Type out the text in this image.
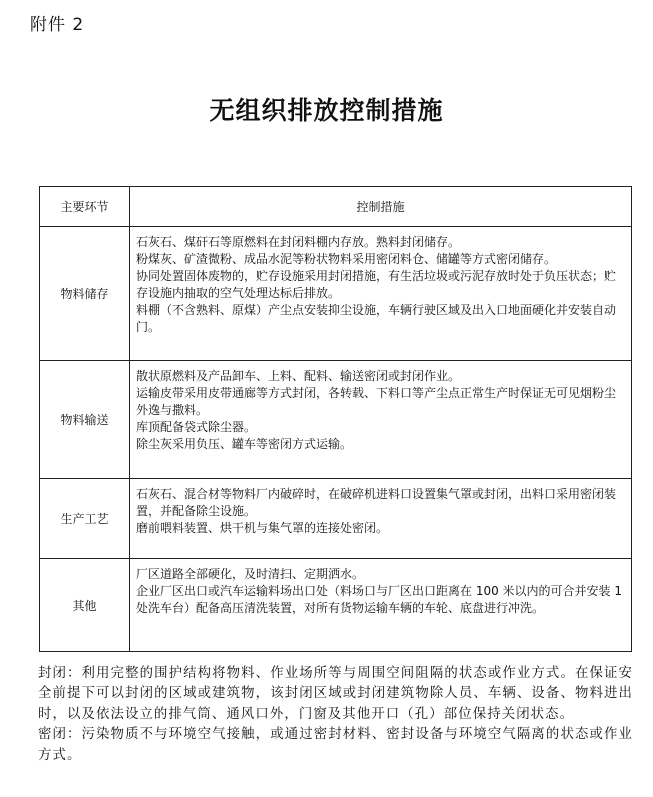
附件 2
无组织排放控制措施
主要环节	控制措施
物料储存	石灰石、煤矸石等原燃料在封闭料棚内存放。熟料封闭储存。
粉煤灰、矿渣微粉、成品水泥等粉状物料采用密闭料仓、储罐等方式密闭储存。
协同处置固体废物的，贮存设施采用封闭措施，有生活垃圾或污泥存放时处于负压状态；贮存设施内抽取的空气处理达标后排放。
料棚（不含熟料、原煤）产尘点安装抑尘设施，车辆行驶区域及出入口地面硬化并安装自动门。

物料输送	散状原燃料及产品卸车、上料、配料、输送密闭或封闭作业。
运输皮带采用皮带通廊等方式封闭，各转载、下料口等产尘点正常生产时保证无可见烟粉尘外逸与撒料。
库顶配备袋式除尘器。
除尘灰采用负压、罐车等密闭方式运输。

生产工艺	石灰石、混合材等物料厂内破碎时，在破碎机进料口设置集气罩或封闭，出料口采用密闭装置，并配备除尘设施。
磨前喂料装置、烘干机与集气罩的连接处密闭。

其他	厂区道路全部硬化，及时清扫、定期洒水。
企业厂区出口或汽车运输料场出口处（料场口与厂区出口距离在 100 米以内的可合并安装 1 处洗车台）配备高压清洗装置，对所有货物运输车辆的车轮、底盘进行冲洗。

封闭：利用完整的围护结构将物料、作业场所等与周围空间阻隔的状态或作业方式。在保证安全前提下可以封闭的区域或建筑物，该封闭区域或封闭建筑物除人员、车辆、设备、物料进出时，以及依法设立的排气筒、通风口外，门窗及其他开口（孔）部位保持关闭状态。

密闭：污染物质不与环境空气接触，或通过密封材料、密封设备与环境空气隔离的状态或作业方式。
